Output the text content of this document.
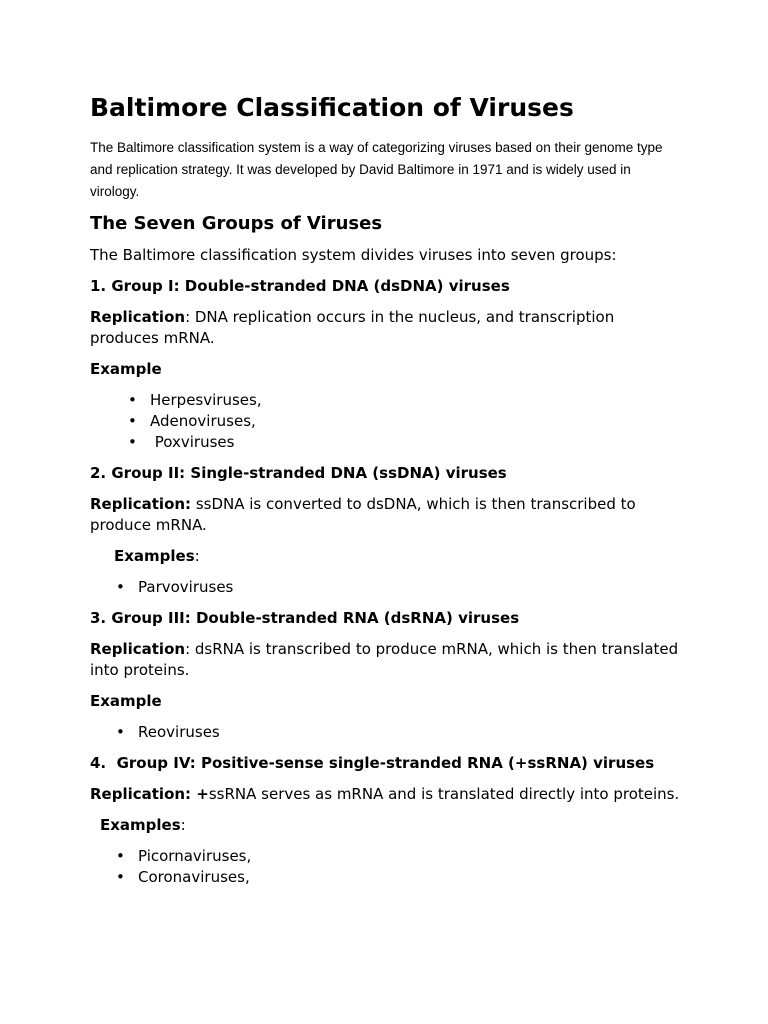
Baltimore Classification of Viruses

The Baltimore classification system is a way of categorizing viruses based on their genome type and replication strategy. It was developed by David Baltimore in 1971 and is widely used in virology.

The Seven Groups of Viruses

The Baltimore classification system divides viruses into seven groups:

1. Group I: Double-stranded DNA (dsDNA) viruses

Replication: DNA replication occurs in the nucleus, and transcription produces mRNA.

Example

• Herpesviruses,
• Adenoviruses,
• Poxviruses

2. Group II: Single-stranded DNA (ssDNA) viruses

Replication: ssDNA is converted to dsDNA, which is then transcribed to produce mRNA.

Examples:

• Parvoviruses

3. Group III: Double-stranded RNA (dsRNA) viruses

Replication: dsRNA is transcribed to produce mRNA, which is then translated into proteins.

Example

• Reoviruses

4.  Group IV: Positive-sense single-stranded RNA (+ssRNA) viruses

Replication: +ssRNA serves as mRNA and is translated directly into proteins.

Examples:

• Picornaviruses,
• Coronaviruses,
